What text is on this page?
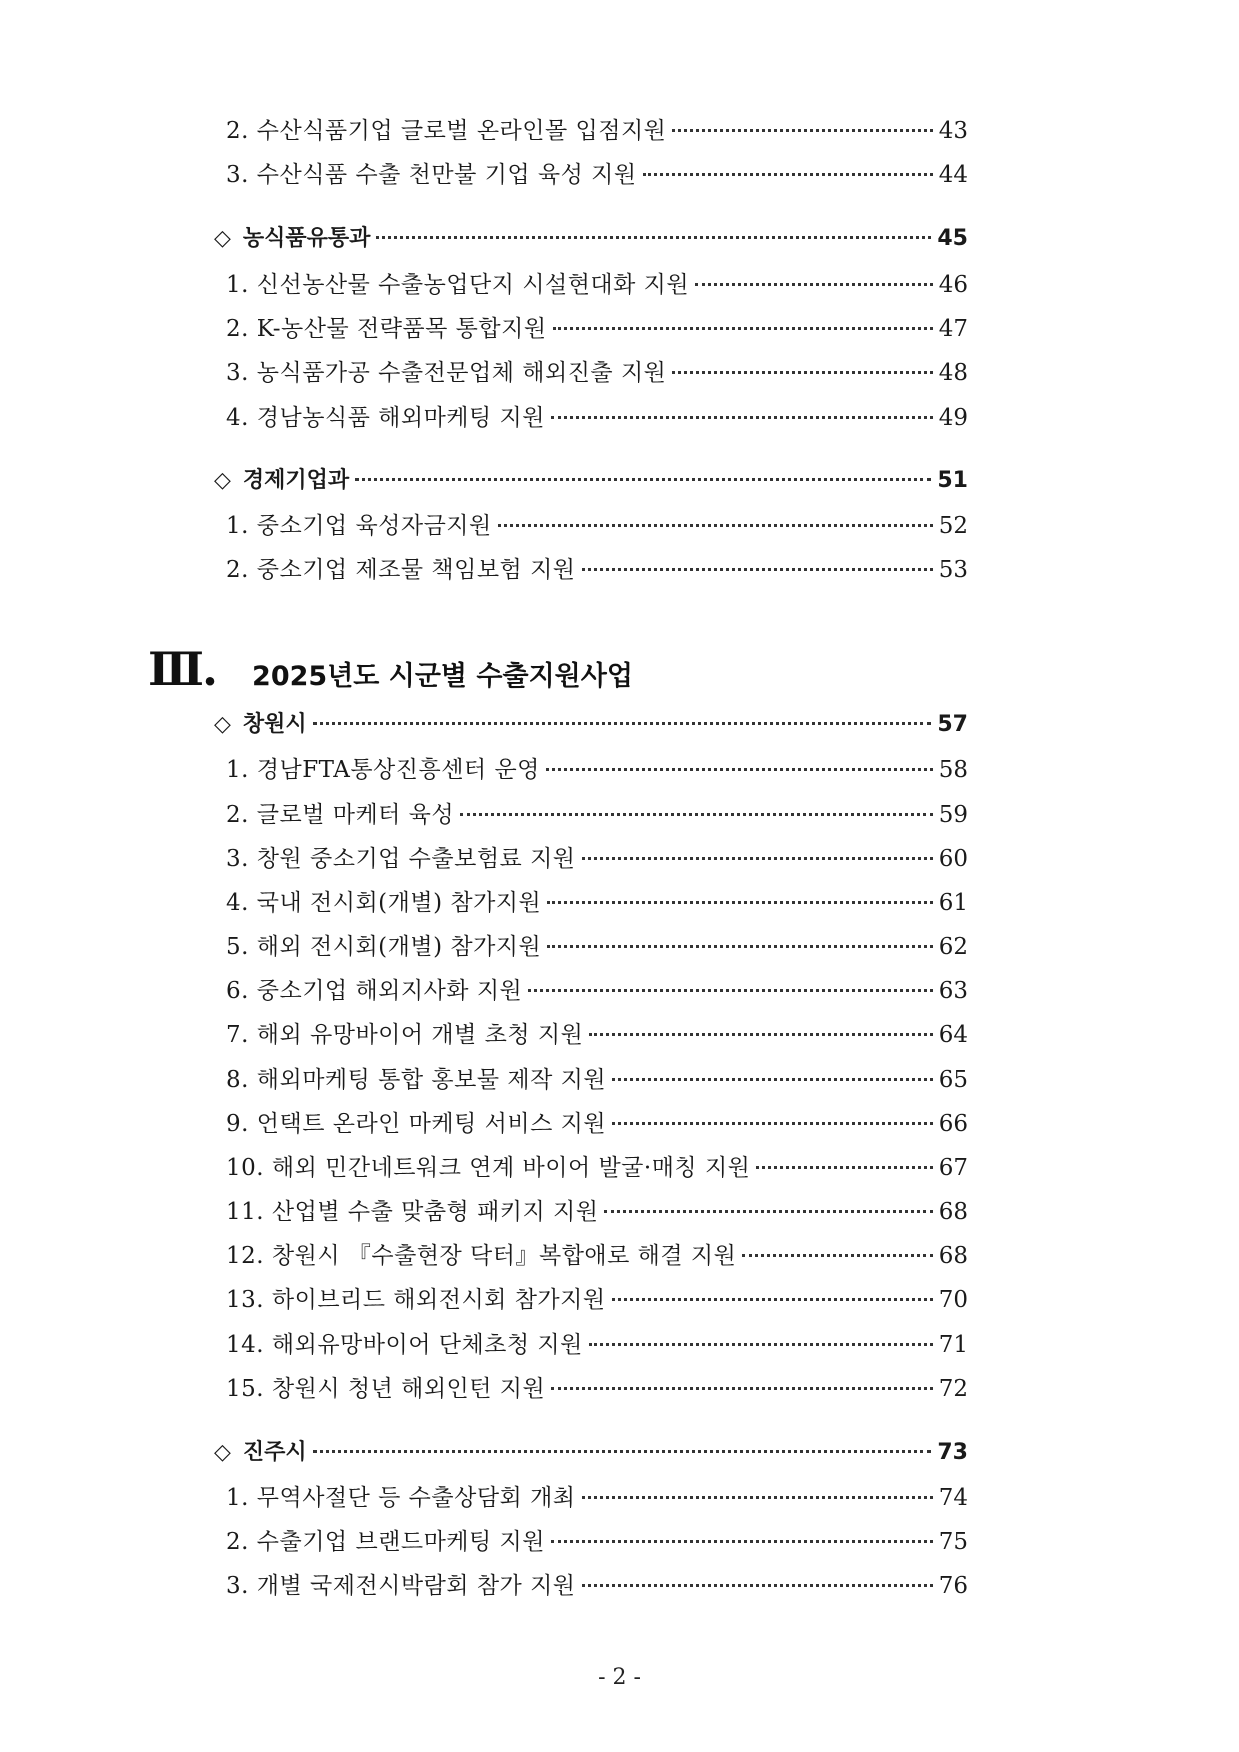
2. 수산식품기업 글로벌 온라인몰 입점지원	43
3. 수산식품 수출 천만불 기업 육성 지원	44
◇ 농식품유통과	45
1. 신선농산물 수출농업단지 시설현대화 지원	46
2. K-농산물 전략품목 통합지원	47
3. 농식품가공 수출전문업체 해외진출 지원	48
4. 경남농식품 해외마케팅 지원	49
◇ 경제기업과	51
1. 중소기업 육성자금지원	52
2. 중소기업 제조물 책임보험 지원	53
Ⅲ. 2025년도 시군별 수출지원사업
◇ 창원시	57
1. 경남FTA통상진흥센터 운영	58
2. 글로벌 마케터 육성	59
3. 창원 중소기업 수출보험료 지원	60
4. 국내 전시회(개별) 참가지원	61
5. 해외 전시회(개별) 참가지원	62
6. 중소기업 해외지사화 지원	63
7. 해외 유망바이어 개별 초청 지원	64
8. 해외마케팅 통합 홍보물 제작 지원	65
9. 언택트 온라인 마케팅 서비스 지원	66
10. 해외 민간네트워크 연계 바이어 발굴·매칭 지원	67
11. 산업별 수출 맞춤형 패키지 지원	68
12. 창원시 『수출현장 닥터』복합애로 해결 지원	68
13. 하이브리드 해외전시회 참가지원	70
14. 해외유망바이어 단체초청 지원	71
15. 창원시 청년 해외인턴 지원	72
◇ 진주시	73
1. 무역사절단 등 수출상담회 개최	74
2. 수출기업 브랜드마케팅 지원	75
3. 개별 국제전시박람회 참가 지원	76
- 2 -
